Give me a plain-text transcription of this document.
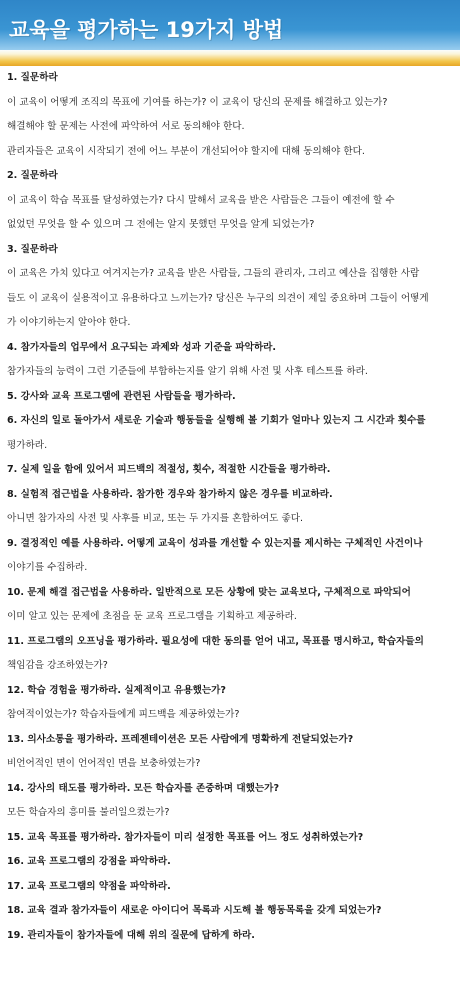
교육을 평가하는 19가지 방법
1. 질문하라
이 교육이 어떻게 조직의 목표에 기여를 하는가? 이 교육이 당신의 문제를 해결하고 있는가?
해결해야 할 문제는 사전에 파악하여 서로 동의해야 한다.
관리자들은 교육이 시작되기 전에 어느 부분이 개선되어야 할지에 대해 동의해야 한다.
2. 질문하라
이 교육이 학습 목표를 달성하였는가? 다시 말해서 교육을 받은 사람들은 그들이 예전에 할 수
없었던 무엇을 할 수 있으며 그 전에는 알지 못했던 무엇을 알게 되었는가?
3. 질문하라
이 교육은 가치 있다고 여겨지는가? 교육을 받은 사람들, 그들의 관리자, 그리고 예산을 집행한 사람
들도 이 교육이 실용적이고 유용하다고 느끼는가? 당신은 누구의 의견이 제일 중요하며 그들이 어떻게
가 이야기하는지 알아야 한다.
4. 참가자들의 업무에서 요구되는 과제와 성과 기준을 파악하라.
참가자들의 능력이 그런 기준들에 부합하는지를 알기 위해 사전 및 사후 테스트를 하라.
5. 강사와 교육 프로그램에 관련된 사람들을 평가하라.
6. 자신의 일로 돌아가서 새로운 기술과 행동들을 실행해 볼 기회가 얼마나 있는지 그 시간과 횟수를
평가하라.
7. 실제 일을 함에 있어서 피드백의 적절성, 횟수, 적절한 시간들을 평가하라.
8. 실험적 접근법을 사용하라. 참가한 경우와 참가하지 않은 경우를 비교하라.
아니면 참가자의 사전 및 사후를 비교, 또는 두 가지를 혼합하여도 좋다.
9. 결정적인 예를 사용하라. 어떻게 교육이 성과를 개선할 수 있는지를 제시하는 구체적인 사건이나
이야기를 수집하라.
10. 문제 해결 접근법을 사용하라. 일반적으로 모든 상황에 맞는 교육보다, 구체적으로 파악되어
이미 알고 있는 문제에 초점을 둔 교육 프로그램을 기획하고 제공하라.
11. 프로그램의 오프닝을 평가하라. 필요성에 대한 동의를 얻어 내고, 목표를 명시하고, 학습자들의
책임감을 강조하였는가?
12. 학습 경험을 평가하라. 실제적이고 유용했는가?
참여적이었는가? 학습자들에게 피드백을 제공하였는가?
13. 의사소통을 평가하라. 프레젠테이션은 모든 사람에게 명확하게 전달되었는가?
비언어적인 면이 언어적인 면을 보충하였는가?
14. 강사의 태도를 평가하라. 모든 학습자를 존중하며 대했는가?
모든 학습자의 흥미를 불러일으켰는가?
15. 교육 목표를 평가하라. 참가자들이 미리 설정한 목표를 어느 정도 성취하였는가?
16. 교육 프로그램의 강점을 파악하라.
17. 교육 프로그램의 약점을 파악하라.
18. 교육 결과 참가자들이 새로운 아이디어 목록과 시도해 볼 행동목록을 갖게 되었는가?
19. 관리자들이 참가자들에 대해 위의 질문에 답하게 하라.
